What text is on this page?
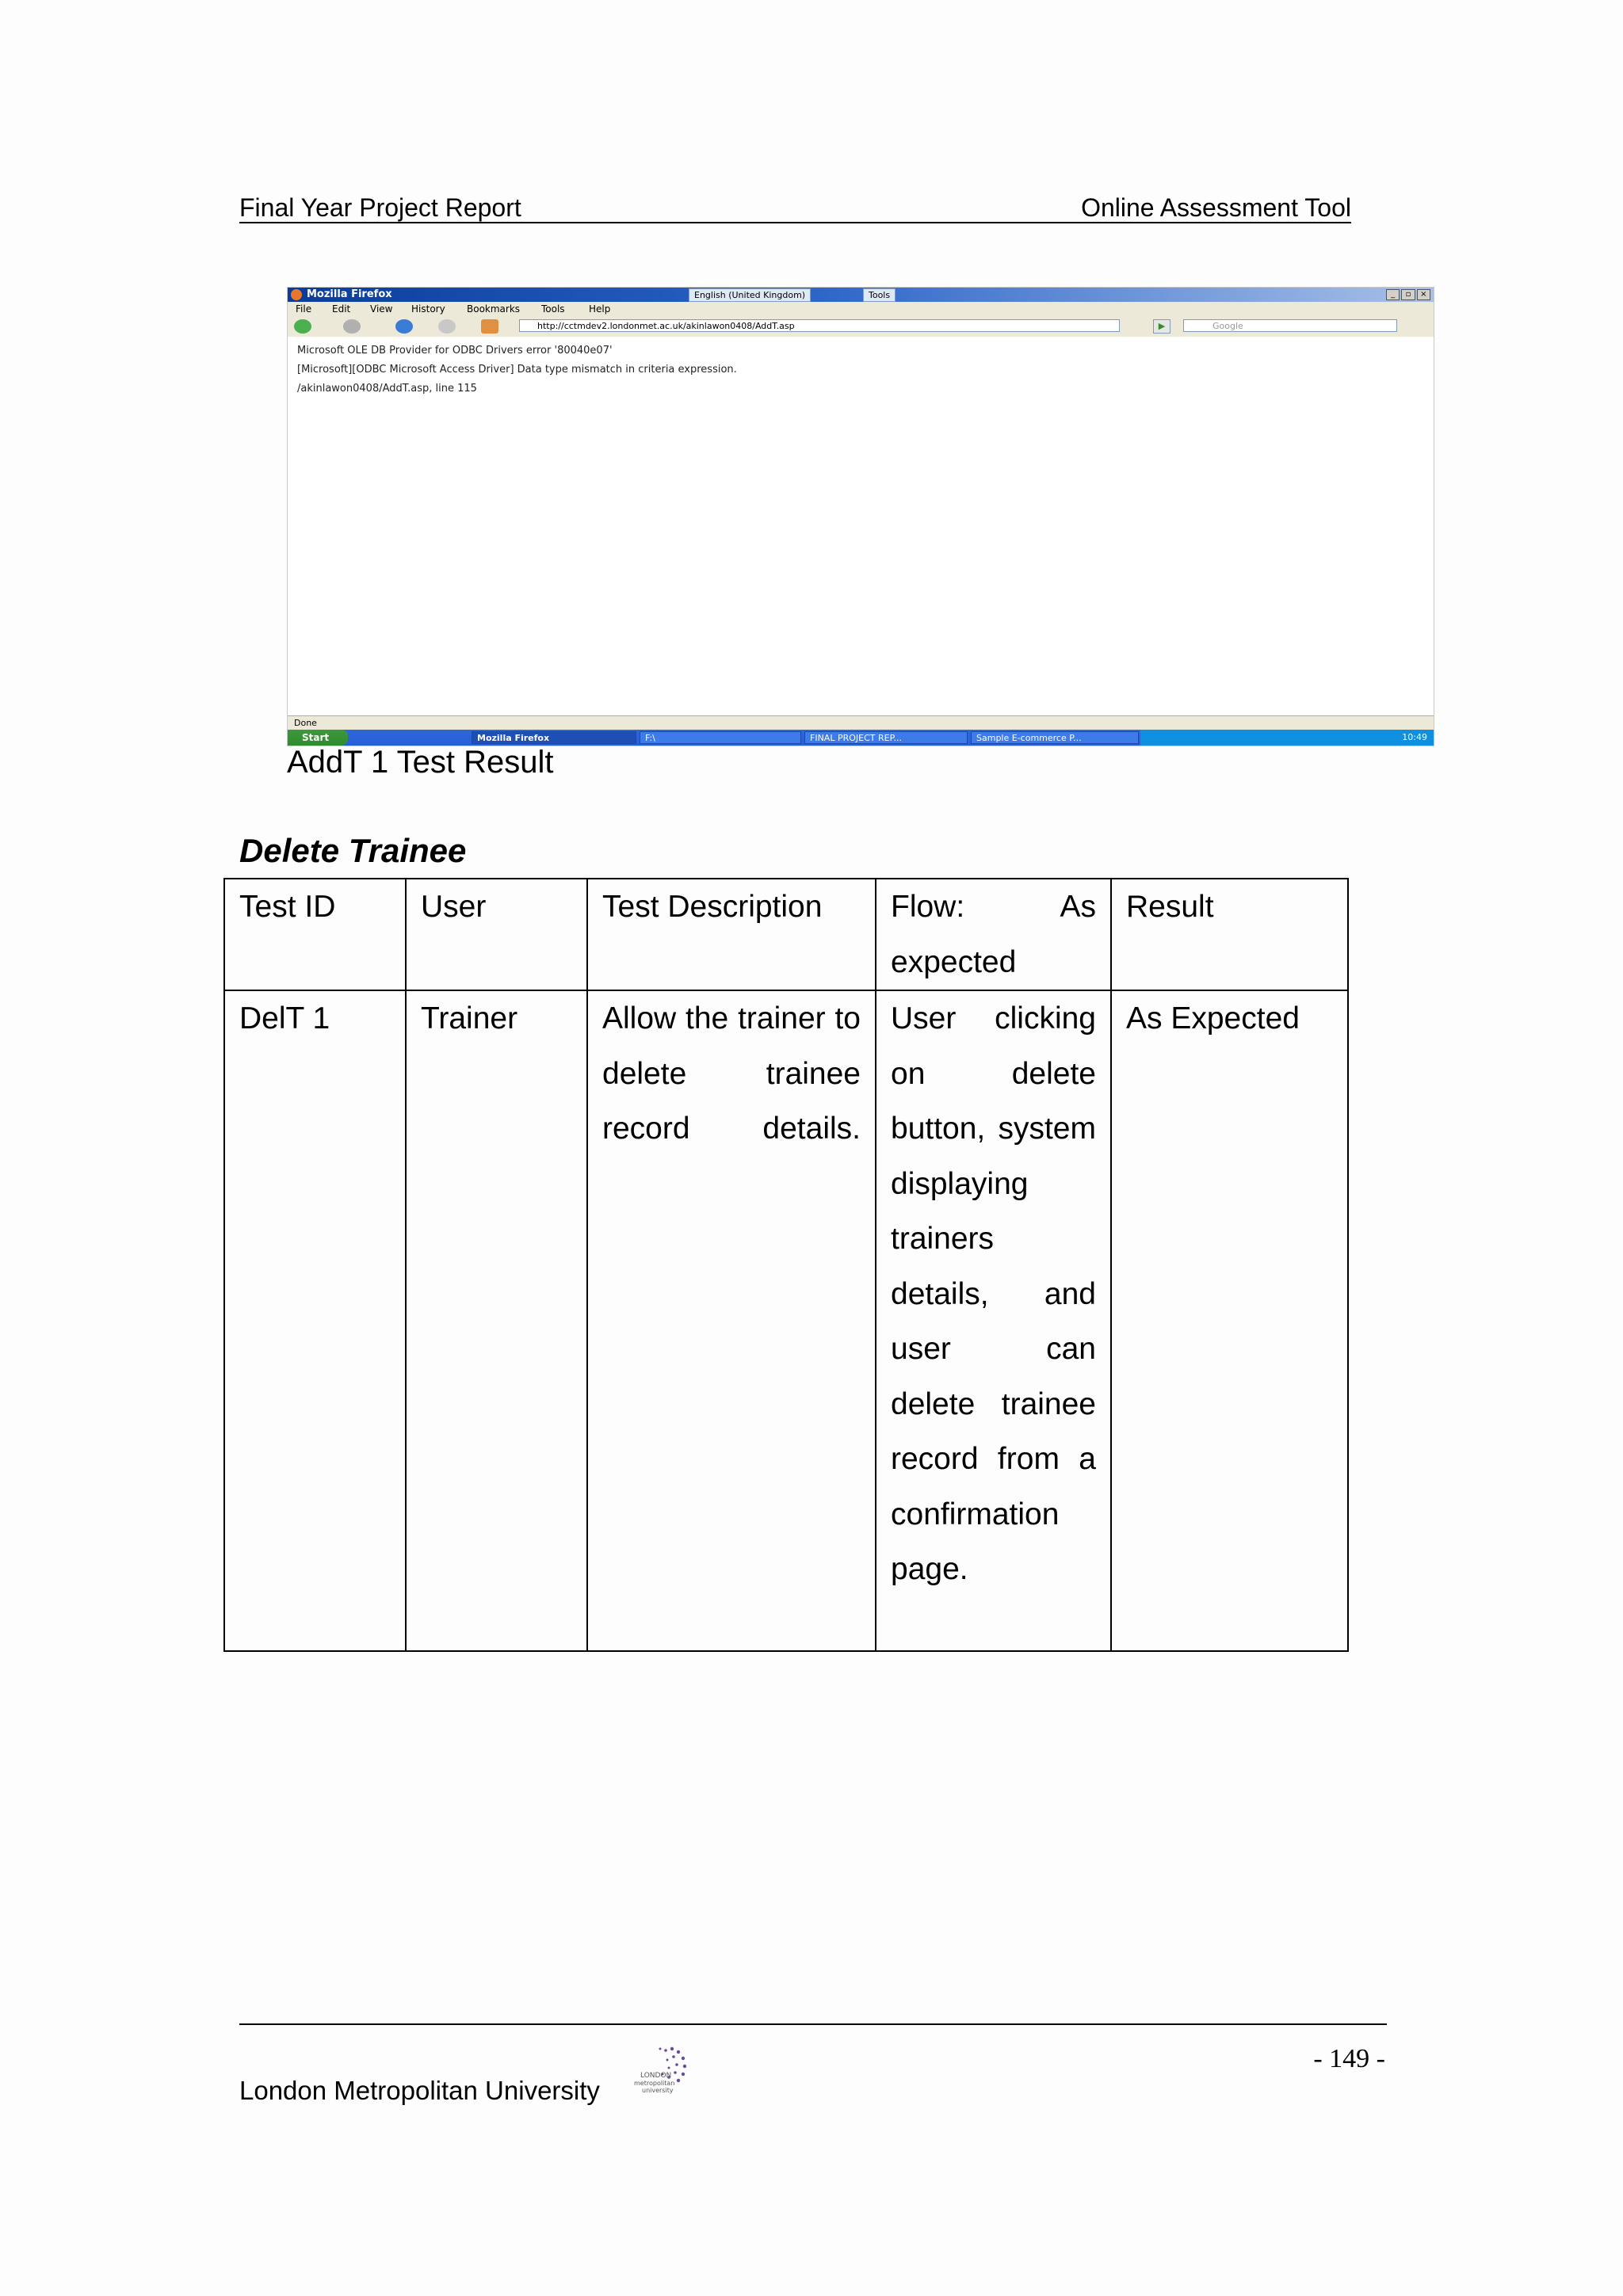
Final Year Project Report	Online Assessment Tool
Mozilla Firefox	English (United Kingdom)	Tools	_	▫	×
File Edit View History Bookmarks Tools	Help
http://cctmdev2.londonmet.ac.uk/akinlawon0408/AddT.asp	▶	Google

Microsoft OLE DB Provider for ODBC Drivers error '80040e07'

[Microsoft][ODBC Microsoft Access Driver] Data type mismatch in criteria expression.

/akinlawon0408/AddT.asp, line 115

Done
Start	Mozilla Firefox	F:\	FINAL PROJECT REP...	Sample E-commerce P...	10:49
AddT 1 Test Result
Delete Trainee
Test ID	User	Test Description	Flow: As expected	Result
DelT 1	Trainer	Allow the trainer to delete trainee record details.	User clicking on delete button, system displaying trainers details, and user can delete trainee record from a confirmation page.	As Expected
London Metropolitan University	LONDON
metropolitan
university
- 149 -
